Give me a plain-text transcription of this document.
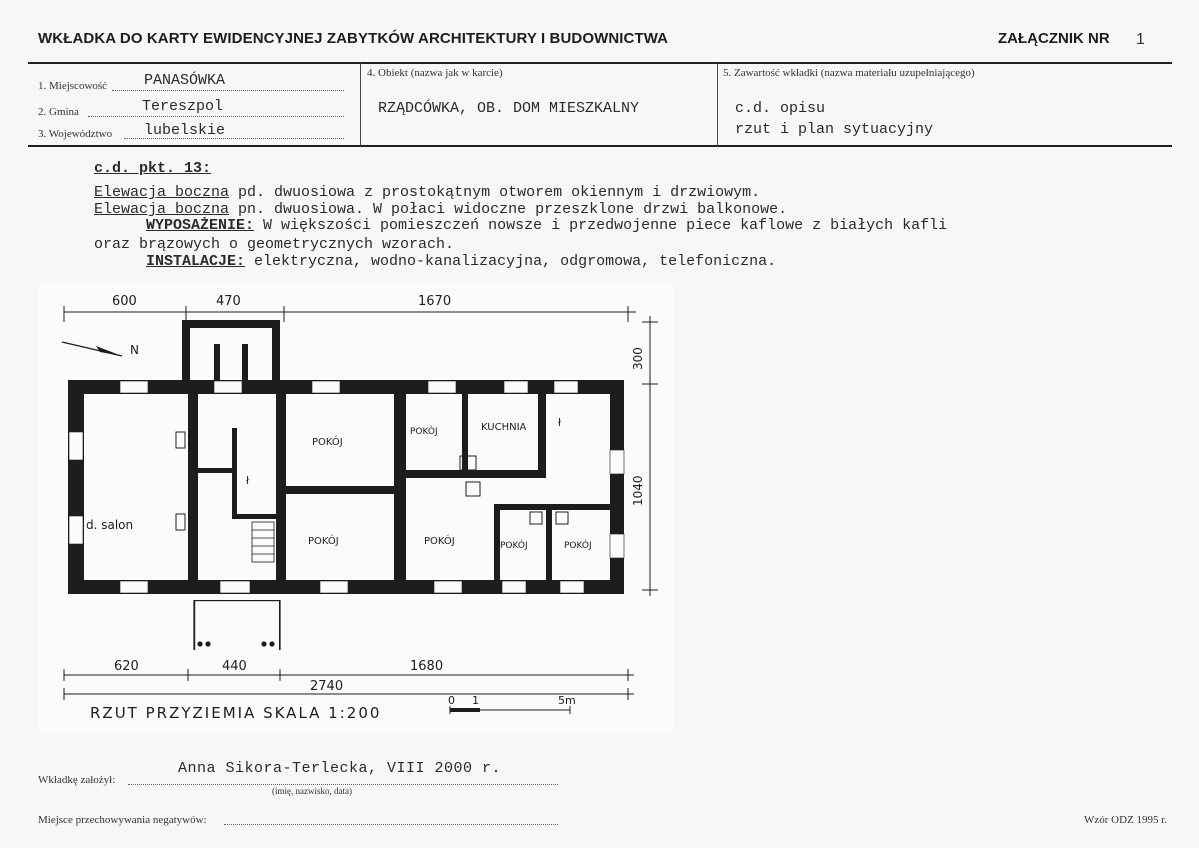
WKŁADKA DO KARTY EWIDENCYJNEJ ZABYTKÓW ARCHITEKTURY I BUDOWNICTWA	ZAŁĄCZNIK NR 1
1. Miejscowość PANASÓWKA
2. Gmina	Tereszpol
3. Województwo lubelskie
4. Obiekt (nazwa jak w karcie)
RZĄDCÓWKA, OB. DOM MIESZKALNY
5. Zawartość wkładki (nazwa materiału uzupełniającego)
c.d. opisu
rzut i plan sytuacyjny
c.d. pkt. 13:
Elewacja boczna pd. dwuosiowa z prostokątnym otworem okiennym i drzwiowym.
Elewacja boczna pn. dwuosiowa. W połaci widoczne przeszklone drzwi balkonowe.
WYPOSAŻENIE: W większości pomieszczeń nowsze i przedwojenne piece kaflowe z białych kafli
oraz brązowych o geometrycznych wzorach.
INSTALACJE: elektryczna, wodno-kanalizacyjna, odgromowa, telefoniczna.
600	470	1670
300
1040
620	440	1680
2740
N
d. salon
POKÓJ
POKÓJ
POKÓJ
POKÓJ	POKÓJ	POKÓJ
KUCHNIA	ł
ł
RZUT PRZYZIEMIA SKALA 1:200
0 1	5m
Anna Sikora-Terlecka, VIII 2000 r.
Wkładkę założył:
(imię, nazwisko, data)
Miejsce przechowywania negatywów:	Wzór ODZ 1995 r.
